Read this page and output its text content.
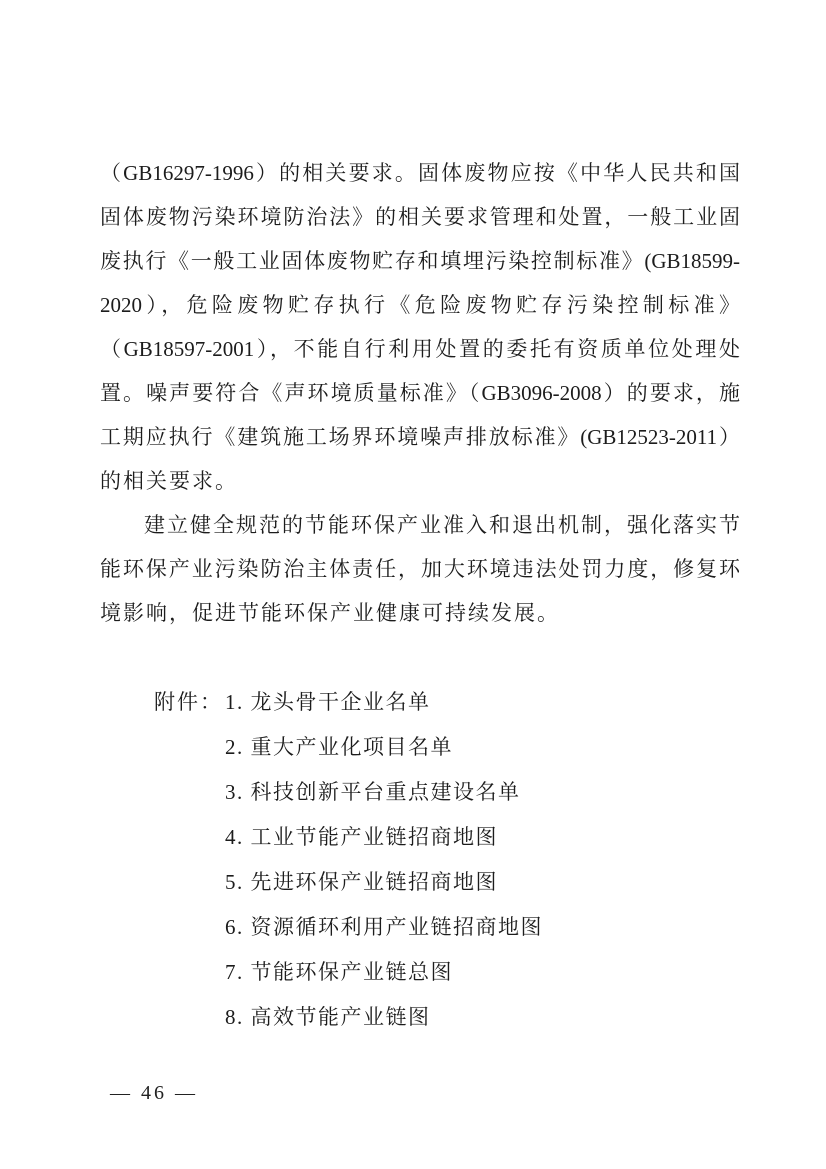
（GB16297-1996）的相关要求。固体废物应按《中华人民共和国
固体废物污染环境防治法》的相关要求管理和处置，一般工业固
废执行《一般工业固体废物贮存和填埋污染控制标准》(GB18599-
2020），危险废物贮存执行《危险废物贮存污染控制标准》
（GB18597-2001），不能自行利用处置的委托有资质单位处理处
置。噪声要符合《声环境质量标准》（GB3096-2008）的要求，施
工期应执行《建筑施工场界环境噪声排放标准》(GB12523-2011）
的相关要求。
建立健全规范的节能环保产业准入和退出机制，强化落实节
能环保产业污染防治主体责任，加大环境违法处罚力度，修复环
境影响，促进节能环保产业健康可持续发展。
附件： 1. 龙头骨干企业名单
2. 重大产业化项目名单
3. 科技创新平台重点建设名单
4. 工业节能产业链招商地图
5. 先进环保产业链招商地图
6. 资源循环利用产业链招商地图
7. 节能环保产业链总图
8. 高效节能产业链图
— 46 —
